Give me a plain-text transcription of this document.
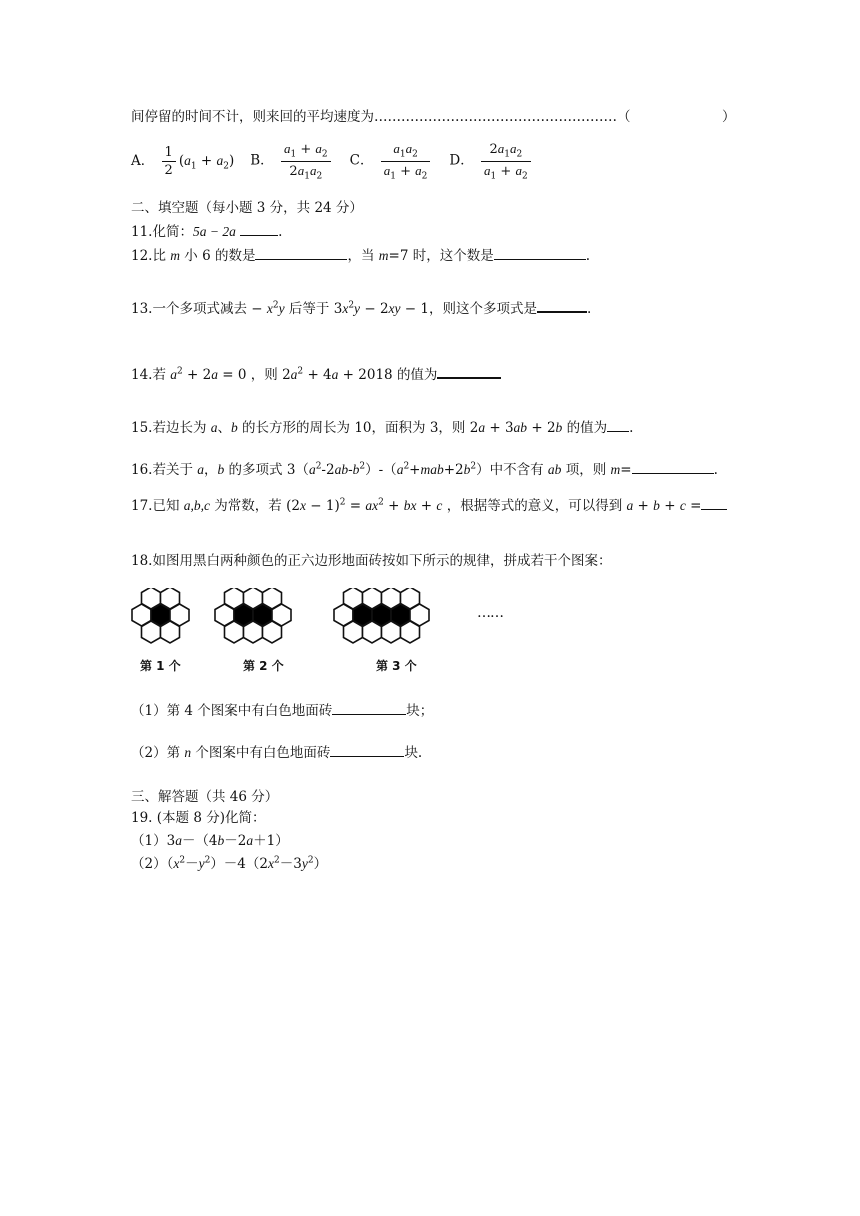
间停留的时间不计，则来回的平均速度为………………………………………………（	）
A． $\frac{1}{2} (a_1 + a_2)$ B． $\frac{a_1 + a_2}{2a_1a_2}$ C． $\frac{a_1a_2}{a_1 + a_2}$ D． $\frac{2a_1a_2}{a_1 + a_2}$
二、填空题（每小题 3 分，共 24 分）
11.化简：5a − 2a	.
12.比 m 小 6 的数是	，当 m=7 时，这个数是	.
13.一个多项式减去 − $x^2y$ 后等于 $3x^2y - 2xy - 1$，则这个多项式是	.
14.若 $a^2 + 2a = 0$ ，则 $2a^2 + 4a + 2018$ 的值为
15.若边长为 a、b 的长方形的周长为 10，面积为 3，则 2a + 3ab + 2b 的值为 .
16.若关于 a，b 的多项式 $3(a^2-2ab-b^2)-(a^2+mab+2b^2)$中不含有 ab 项，则 m=	.
17.已知 a,b,c 为常数，若 $(2x - 1)^2 = ax^2$ + bx + c ，根据等式的意义，可以得到 a + b + c =
18.如图用黑白两种颜色的正六边形地面砖按如下所示的规律，拼成若干个图案：
……
第 1 个	第 2 个	第 3 个
（1）第 4 个图案中有白色地面砖	块；
（2）第 n 个图案中有白色地面砖	块.
三、解答题（共 46 分）
19. (本题 8 分)化简：
（1）3a－（4b－2a＋1）
$(2)(x^2-y^2)-4(2x^2-3y^2)$
